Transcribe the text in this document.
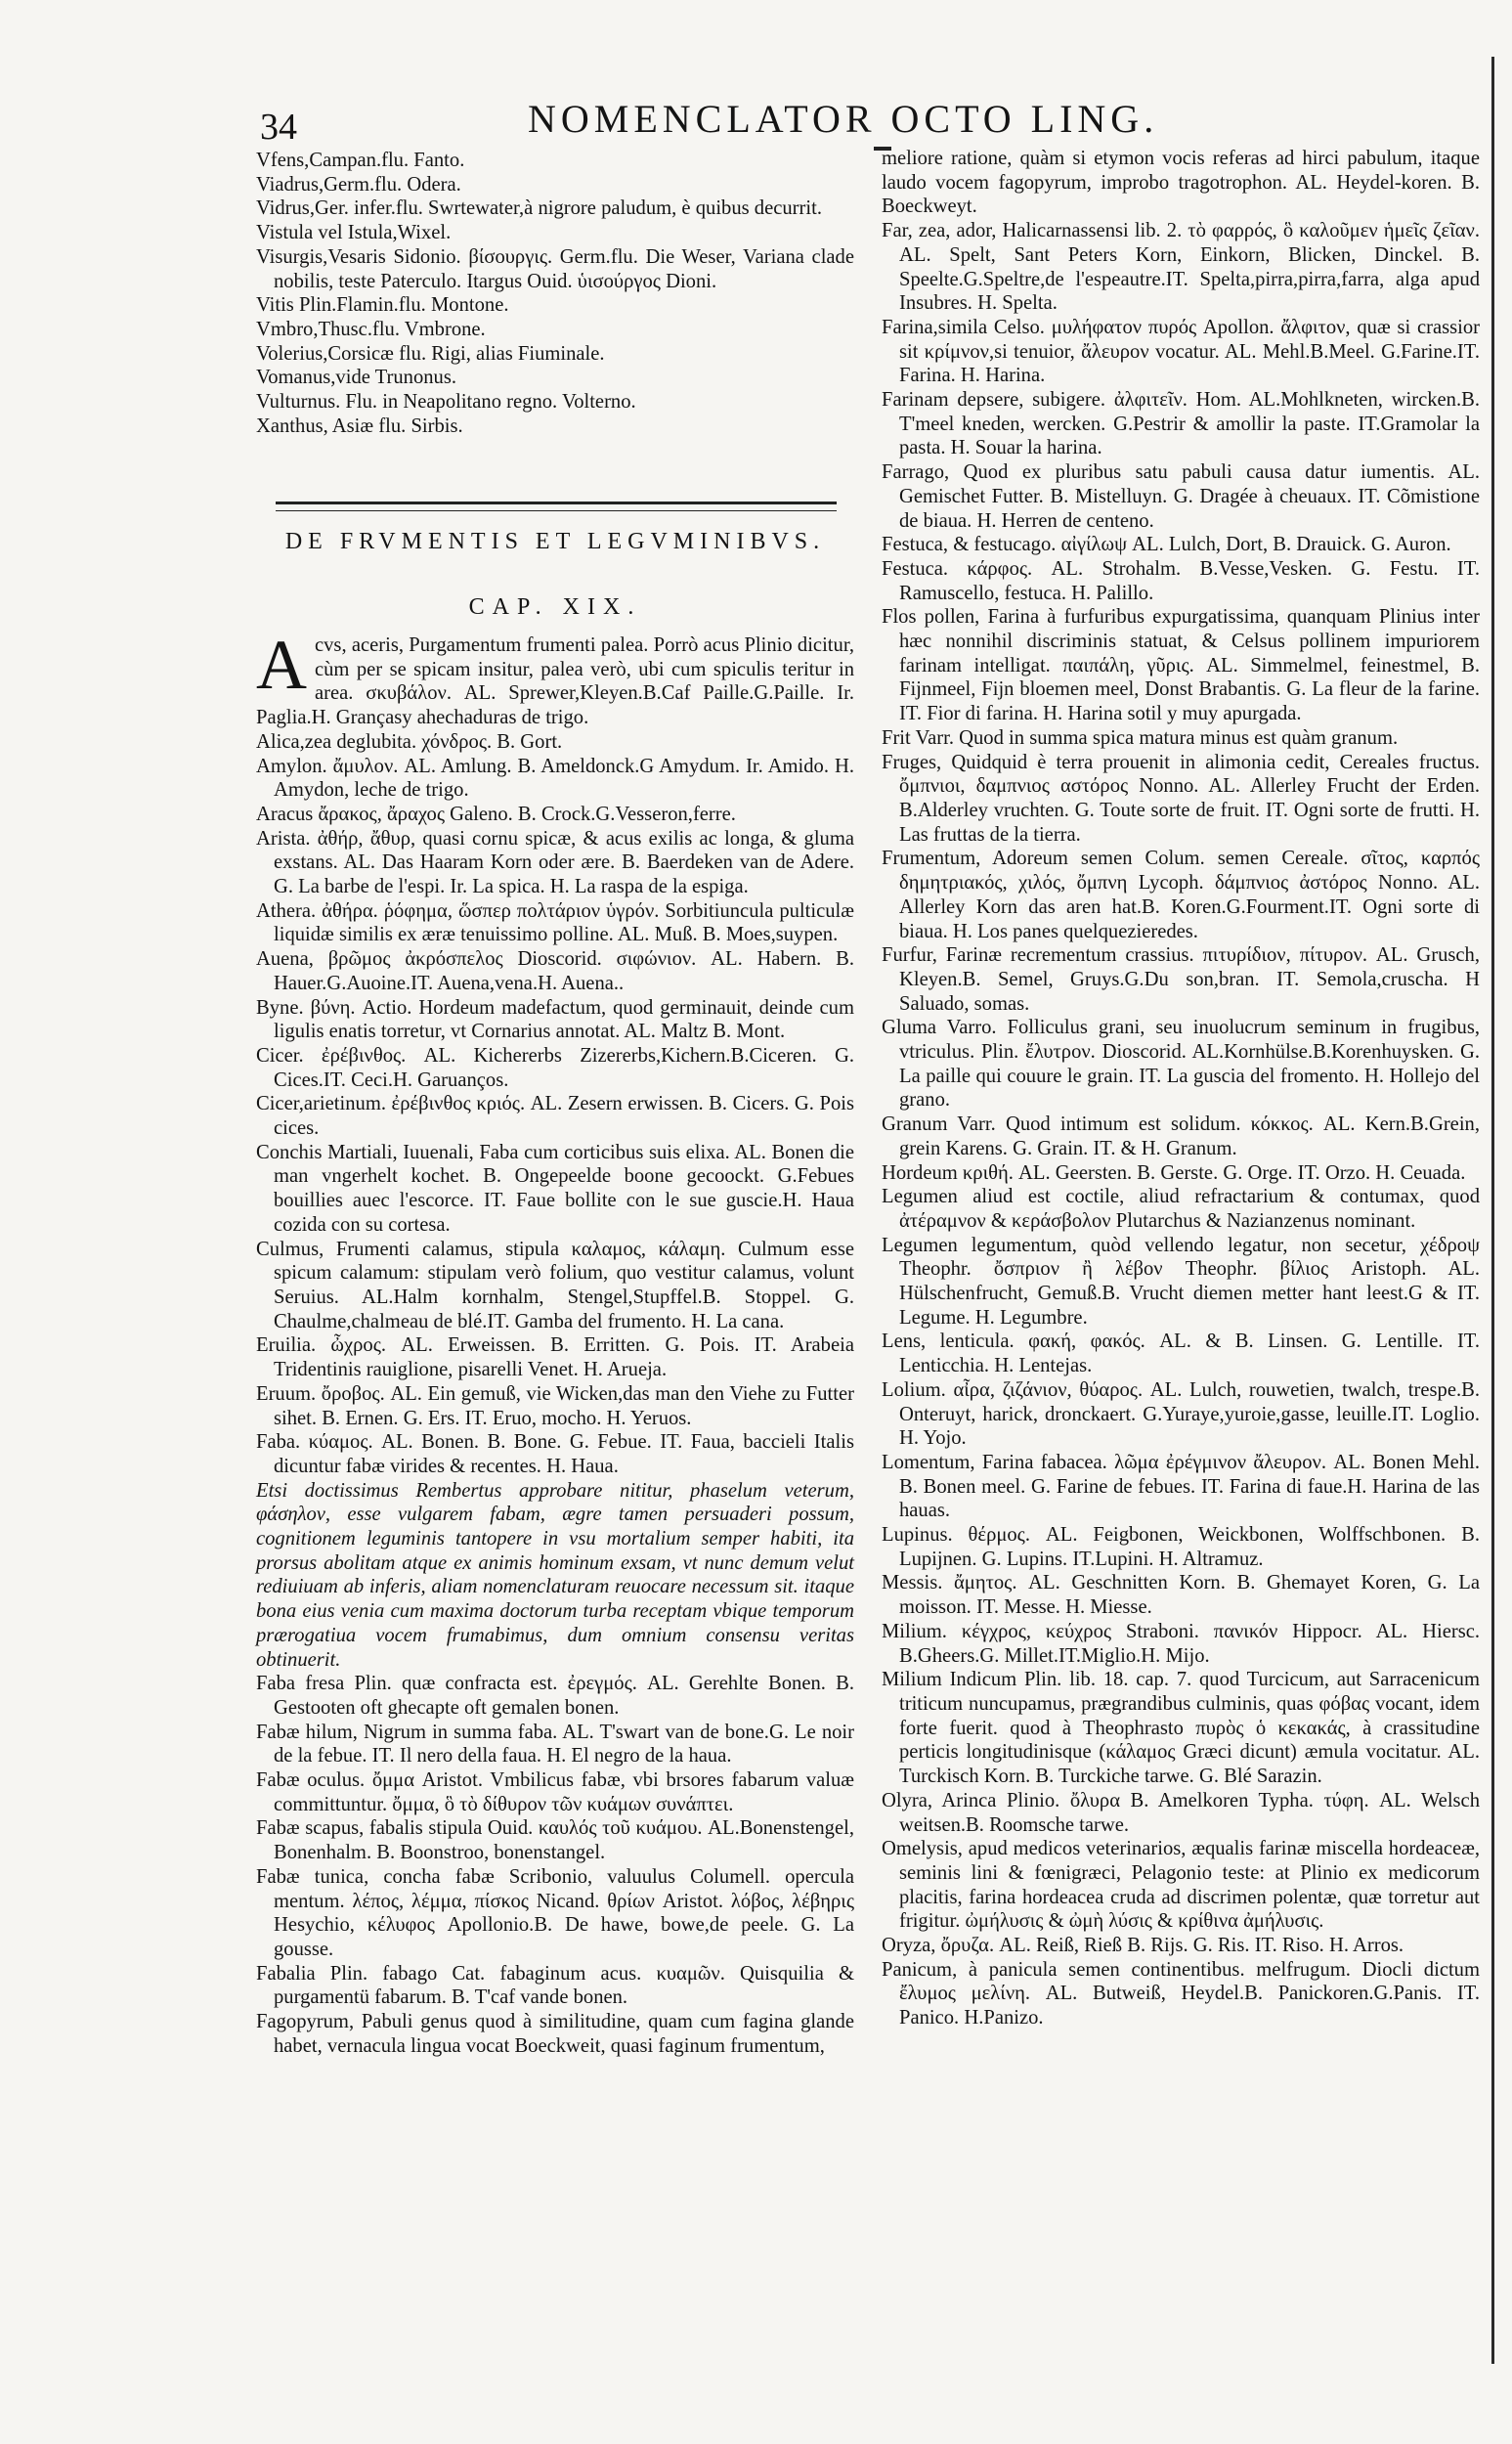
34	NOMENCLATOR OCTO LING.

Vfens,Campan.flu. Fanto.

Viadrus,Germ.flu. Odera.

Vidrus,Ger. infer.flu. Swrtewater,à nigrore paludum, è quibus decurrit.

Vistula vel Istula,Wixel.

Visurgis,Vesaris Sidonio. βίσουργις. Germ.flu. Die Weser, Variana clade nobilis, teste Paterculo. Itargus Ouid. ὑισούργος Dioni.

Vitis Plin.Flamin.flu. Montone.

Vmbro,Thusc.flu. Vmbrone.

Volerius,Corsicæ flu. Rigi, alias Fiuminale.

Vomanus,vide Trunonus.

Vulturnus. Flu. in Neapolitano regno. Volterno.

Xanthus, Asiæ flu. Sirbis.

DE FRVMENTIS ET LEGVMINIBVS.
CAP. XIX.

Acvs, aceris, Purgamentum frumenti palea. Porrò acus Plinio dicitur, cùm per se spicam insitur, palea verò, ubi cum spiculis teritur in area. σκυβάλον. AL. Sprewer,Kleyen.B.Caf Paille.G.Paille. Ir. Paglia.H. Grançasy ahechaduras de trigo.

Alica,zea deglubita. χόνδρος. B. Gort.

Amylon. ἄμυλον. AL. Amlung. B. Ameldonck.G Amydum. Ir. Amido. H. Amydon, leche de trigo.

Aracus ἄρακος, ἄραχος Galeno. B. Crock.G.Vesseron,ferre.

Arista. ἀθήρ, ἄθυρ, quasi cornu spicæ, & acus exilis ac longa, & gluma exstans. AL. Das Haaram Korn oder ære. B. Baerdeken van de Adere. G. La barbe de l'espi. Ir. La spica. H. La raspa de la espiga.

Athera. ἀθήρα. ῥόφημα, ὥσπερ πολτάριον ὑγρόν. Sorbitiuncula pulticulæ liquidæ similis ex æræ tenuissimo polline. AL. Muß. B. Moes,suypen.

Auena, βρῶμος ἀκρόσπελος Dioscorid. σιφώνιον. AL. Habern. B. Hauer.G.Auoine.IT. Auena,vena.H. Auena..

Byne. βύνη. Actio. Hordeum madefactum, quod germinauit, deinde cum ligulis enatis torretur, vt Cornarius annotat. AL. Maltz B. Mont.

Cicer. ἐρέβινθος. AL. Kichererbs Zizererbs,Kichern.B.Ciceren. G. Cices.IT. Ceci.H. Garuanços.

Cicer,arietinum. ἐρέβινθος κριός. AL. Zesern erwissen. B. Cicers. G. Pois cices.

Conchis Martiali, Iuuenali, Faba cum corticibus suis elixa. AL. Bonen die man vngerhelt kochet. B. Ongepeelde boone gecoockt. G.Febues bouillies auec l'escorce. IT. Faue bollite con le sue guscie.H. Haua cozida con su cortesa.

Culmus, Frumenti calamus, stipula καλαμος, κάλαμη. Culmum esse spicum calamum: stipulam verò folium, quo vestitur calamus, volunt Seruius. AL.Halm kornhalm, Stengel,Stupffel.B. Stoppel. G. Chaulme,chalmeau de blé.IT. Gamba del frumento. H. La cana.

Eruilia. ὦχρος. AL. Erweissen. B. Erritten. G. Pois. IT. Arabeia Tridentinis rauiglione, pisarelli Venet. H. Arueja.

Eruum. ὄροβος. AL. Ein gemuß, vie Wicken,das man den Viehe zu Futter sihet. B. Ernen. G. Ers. IT. Eruo, mocho. H. Yeruos.

Faba. κύαμος. AL. Bonen. B. Bone. G. Febue. IT. Faua, baccieli Italis dicuntur fabæ virides & recentes. H. Haua.

Etsi doctissimus Rembertus approbare nititur, phaselum veterum, φάσηλον, esse vulgarem fabam, ægre tamen persuaderi possum, cognitionem leguminis tantopere in vsu mortalium semper habiti, ita prorsus abolitam atque ex animis hominum exsam, vt nunc demum velut rediuiuam ab inferis, aliam nomenclaturam reuocare necessum sit. itaque bona eius venia cum maxima doctorum turba receptam vbique temporum prærogatiua vocem frumabimus, dum omnium consensu veritas obtinuerit.

Faba fresa Plin. quæ confracta est. ἐρεγμός. AL. Gerehlte Bonen. B. Gestooten oft ghecapte oft gemalen bonen.

Fabæ hilum, Nigrum in summa faba. AL. T'swart van de bone.G. Le noir de la febue. IT. Il nero della faua. H. El negro de la haua.

Fabæ oculus. ὄμμα Aristot. Vmbilicus fabæ, vbi brsores fabarum valuæ committuntur. ὄμμα, ὃ τὸ δίθυρον τῶν κυάμων συνάπτει.

Fabæ scapus, fabalis stipula Ouid. καυλός τοῦ κυάμου. AL.Bonenstengel, Bonenhalm. B. Boonstroo, bonenstangel.

Fabæ tunica, concha fabæ Scribonio, valuulus Columell. opercula mentum. λέπος, λέμμα, πίσκος Nicand. θρίων Aristot. λόβος, λέβηρις Hesychio, κέλυφος Apollonio.B. De hawe, bowe,de peele. G. La gousse.

Fabalia Plin. fabago Cat. fabaginum acus. κυαμῶν. Quisquilia & purgamentü fabarum. B. T'caf vande bonen.

Fagopyrum, Pabuli genus quod à similitudine, quam cum fagina glande habet, vernacula lingua vocat Boeckweit, quasi faginum frumentum,

meliore ratione, quàm si etymon vocis referas ad hirci pabulum, itaque laudo vocem fagopyrum, improbo tragotrophon. AL. Heydel-koren. B. Boeckweyt.

Far, zea, ador, Halicarnassensi lib. 2. τὸ φαρρός, ὃ καλοῦμεν ἡμεῖς ζεῖαν. AL. Spelt, Sant Peters Korn, Einkorn, Blicken, Dinckel. B. Speelte.G.Speltre,de l'espeautre.IT. Spelta,pirra,pirra,farra, alga apud Insubres. H. Spelta.

Farina,simila Celso. μυλήφατον πυρός Apollon. ἄλφιτον, quæ si crassior sit κρίμνον,si tenuior, ἄλευρον vocatur. AL. Mehl.B.Meel. G.Farine.IT. Farina. H. Harina.

Farinam depsere, subigere. ἀλφιτεῖν. Hom. AL.Mohlkneten, wircken.B. T'meel kneden, wercken. G.Pestrir & amollir la paste. IT.Gramolar la pasta. H. Souar la harina.

Farrago, Quod ex pluribus satu pabuli causa datur iumentis. AL. Gemischet Futter. B. Mistelluyn. G. Dragée à cheuaux. IT. Cõmistione de biaua. H. Herren de centeno.

Festuca, & festucago. αἰγίλωψ AL. Lulch, Dort, B. Drauick. G. Auron.

Festuca. κάρφος. AL. Strohalm. B.Vesse,Vesken. G. Festu. IT. Ramuscello, festuca. H. Palillo.

Flos pollen, Farina à furfuribus expurgatissima, quanquam Plinius inter hæc nonnihil discriminis statuat, & Celsus pollinem impuriorem farinam intelligat. παιπάλη, γῦρις. AL. Simmelmel, feinestmel, B. Fijnmeel, Fijn bloemen meel, Donst Brabantis. G. La fleur de la farine. IT. Fior di farina. H. Harina sotil y muy apurgada.

Frit Varr. Quod in summa spica matura minus est quàm granum.

Fruges, Quidquid è terra prouenit in alimonia cedit, Cereales fructus. ὄμπνιοι, δαμπνιος αστόρος Nonno. AL. Allerley Frucht der Erden. B.Alderley vruchten. G. Toute sorte de fruit. IT. Ogni sorte de frutti. H. Las fruttas de la tierra.

Frumentum, Adoreum semen Colum. semen Cereale. σῖτος, καρπός δημητριακός, χιλός, ὄμπνη Lycoph. δάμπνιος ἀστόρος Nonno. AL. Allerley Korn das aren hat.B. Koren.G.Fourment.IT. Ogni sorte di biaua. H. Los panes quelquezieredes.

Furfur, Farinæ recrementum crassius. πιτυρίδιον, πίτυρον. AL. Grusch, Kleyen.B. Semel, Gruys.G.Du son,bran. IT. Semola,cruscha. H Saluado, somas.

Gluma Varro. Folliculus grani, seu inuolucrum seminum in frugibus, vtriculus. Plin. ἔλυτρον. Dioscorid. AL.Kornhülse.B.Korenhuysken. G. La paille qui couure le grain. IT. La guscia del fromento. H. Hollejo del grano.

Granum Varr. Quod intimum est solidum. κόκκος. AL. Kern.B.Grein, grein Karens. G. Grain. IT. & H. Granum.

Hordeum κριθή. AL. Geersten. B. Gerste. G. Orge. IT. Orzo. H. Ceuada.

Legumen aliud est coctile, aliud refractarium & contumax, quod ἀτέραμνον & κεράσβολον Plutarchus & Nazianzenus nominant.

Legumen legumentum, quòd vellendo legatur, non secetur, χέδροψ Theophr. ὄσπριον ἢ λέβον Theophr. βίλιος Aristoph. AL. Hülschenfrucht, Gemuß.B. Vrucht diemen metter hant leest.G & IT. Legume. H. Legumbre.

Lens, lenticula. φακή, φακός. AL. & B. Linsen. G. Lentille. IT. Lenticchia. H. Lentejas.

Lolium. αἶρα, ζιζάνιον, θύαρος. AL. Lulch, rouwetien, twalch, trespe.B. Onteruyt, harick, dronckaert. G.Yuraye,yuroie,gasse, leuille.IT. Loglio. H. Yojo.

Lomentum, Farina fabacea. λῶμα ἐρέγμινον ἄλευρον. AL. Bonen Mehl. B. Bonen meel. G. Farine de febues. IT. Farina di faue.H. Harina de las hauas.

Lupinus. θέρμος. AL. Feigbonen, Weickbonen, Wolffschbonen. B. Lupijnen. G. Lupins. IT.Lupini. H. Altramuz.

Messis. ἄμητος. AL. Geschnitten Korn. B. Ghemayet Koren, G. La moisson. IT. Messe. H. Miesse.

Milium. κέγχρος, κεύχρος Straboni. πανικόν Hippocr. AL. Hiersc. B.Gheers.G. Millet.IT.Miglio.H. Mijo.

Milium Indicum Plin. lib. 18. cap. 7. quod Turcicum, aut Sarracenicum triticum nuncupamus, prægrandibus culminis, quas φόβας vocant, idem forte fuerit. quod à Theophrasto πυρὸς ὁ κεκακάς, à crassitudine perticis longitudinisque (κάλαμος Græci dicunt) æmula vocitatur. AL. Turckisch Korn. B. Turckiche tarwe. G. Blé Sarazin.

Olyra, Arinca Plinio. ὄλυρα B. Amelkoren Typha. τύφη. AL. Welsch weitsen.B. Roomsche tarwe.

Omelysis, apud medicos veterinarios, æqualis farinæ miscella hordeaceæ, seminis lini & fœnigræci, Pelagonio teste: at Plinio ex medicorum placitis, farina hordeacea cruda ad discrimen polentæ, quæ torretur aut frigitur. ὠμήλυσις & ὠμὴ λύσις & κρίθινα ἀμήλυσις.

Oryza, ὄρυζα. AL. Reiß, Rieß B. Rijs. G. Ris. IT. Riso. H. Arros.

Panicum, à panicula semen continentibus. melfrugum. Diocli dictum ἔλυμος μελίνη. AL. Butweiß, Heydel.B. Panickoren.G.Panis. IT. Panico. H.Panizo.
